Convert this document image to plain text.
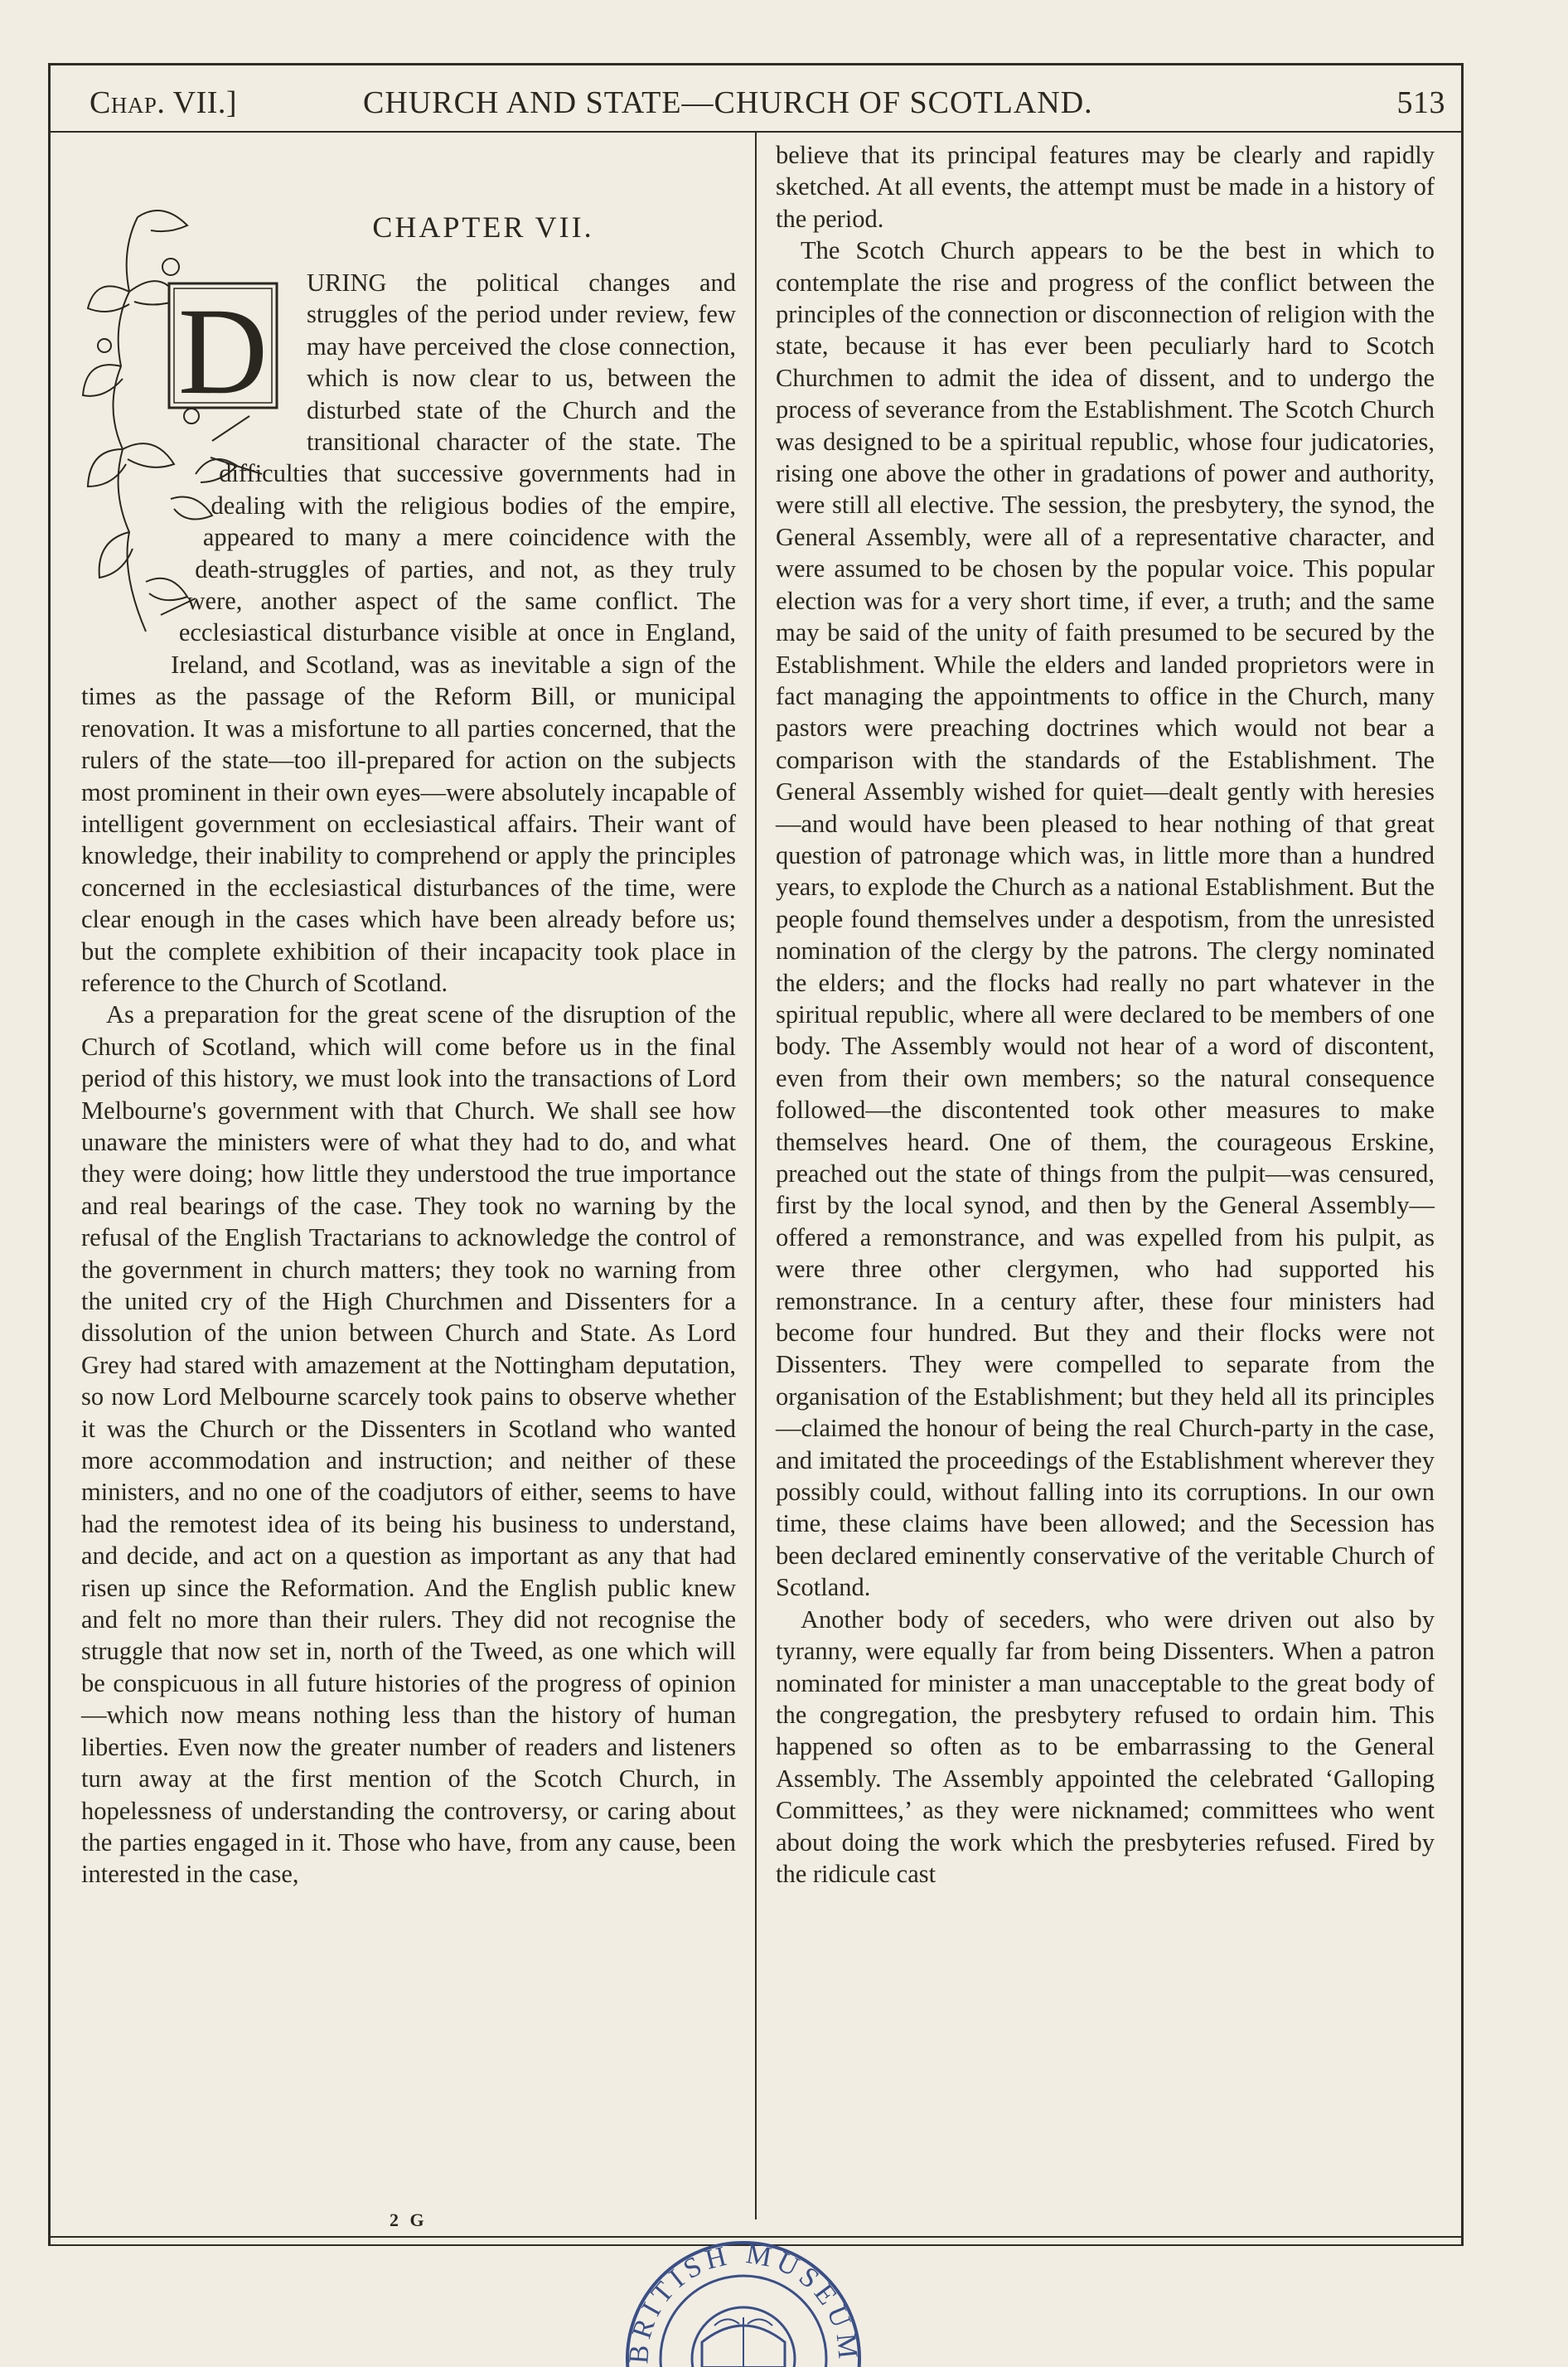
Chap. VII.]	CHURCH AND STATE—CHURCH OF SCOTLAND.	513
CHAPTER VII.
D	URING the political changes and struggles of the period under review, few may have perceived the close connection, which is now clear to us, between the disturbed state of the Church and the transitional character of the state. The difficulties that successive governments had in dealing with the religious bodies of the empire, appeared to many a mere coincidence with the death-struggles of parties, and not, as they truly were, another aspect of the same conflict. The ecclesiastical disturbance visible at once in England, Ireland, and Scotland, was as inevitable a sign of the times as the passage of the Reform Bill, or municipal renovation. It was a misfortune to all parties concerned, that the rulers of the state—too ill-prepared for action on the subjects most prominent in their own eyes—were absolutely incapable of intelligent government on ecclesiastical affairs. Their want of knowledge, their inability to comprehend or apply the principles concerned in the ecclesiastical disturbances of the time, were clear enough in the cases which have been already before us; but the complete exhibition of their incapacity took place in reference to the Church of Scotland.

As a preparation for the great scene of the disruption of the Church of Scotland, which will come before us in the final period of this history, we must look into the transactions of Lord Melbourne's government with that Church. We shall see how unaware the ministers were of what they had to do, and what they were doing; how little they understood the true importance and real bearings of the case. They took no warning by the refusal of the English Tractarians to acknowledge the control of the government in church matters; they took no warning from the united cry of the High Churchmen and Dissenters for a dissolution of the union between Church and State. As Lord Grey had stared with amazement at the Nottingham deputation, so now Lord Melbourne scarcely took pains to observe whether it was the Church or the Dissenters in Scotland who wanted more accommodation and instruction; and neither of these ministers, and no one of the coadjutors of either, seems to have had the remotest idea of its being his business to understand, and decide, and act on a question as important as any that had risen up since the Reformation. And the English public knew and felt no more than their rulers. They did not recognise the struggle that now set in, north of the Tweed, as one which will be conspicuous in all future histories of the progress of opinion—which now means nothing less than the history of human liberties. Even now the greater number of readers and listeners turn away at the first mention of the Scotch Church, in hopelessness of understanding the controversy, or caring about the parties engaged in it. Those who have, from any cause, been interested in the case,

believe that its principal features may be clearly and rapidly sketched. At all events, the attempt must be made in a history of the period.

The Scotch Church appears to be the best in which to contemplate the rise and progress of the conflict between the principles of the connection or disconnection of religion with the state, because it has ever been peculiarly hard to Scotch Churchmen to admit the idea of dissent, and to undergo the process of severance from the Establishment. The Scotch Church was designed to be a spiritual republic, whose four judicatories, rising one above the other in gradations of power and authority, were still all elective. The session, the presbytery, the synod, the General Assembly, were all of a representative character, and were assumed to be chosen by the popular voice. This popular election was for a very short time, if ever, a truth; and the same may be said of the unity of faith presumed to be secured by the Establishment. While the elders and landed proprietors were in fact managing the appointments to office in the Church, many pastors were preaching doctrines which would not bear a comparison with the standards of the Establishment. The General Assembly wished for quiet—dealt gently with heresies—and would have been pleased to hear nothing of that great question of patronage which was, in little more than a hundred years, to explode the Church as a national Establishment. But the people found themselves under a despotism, from the unresisted nomination of the clergy by the patrons. The clergy nominated the elders; and the flocks had really no part whatever in the spiritual republic, where all were declared to be members of one body. The Assembly would not hear of a word of discontent, even from their own members; so the natural consequence followed—the discontented took other measures to make themselves heard. One of them, the courageous Erskine, preached out the state of things from the pulpit—was censured, first by the local synod, and then by the General Assembly—offered a remonstrance, and was expelled from his pulpit, as were three other clergymen, who had supported his remonstrance. In a century after, these four ministers had become four hundred. But they and their flocks were not Dissenters. They were compelled to separate from the organisation of the Establishment; but they held all its principles—claimed the honour of being the real Church-party in the case, and imitated the proceedings of the Establishment wherever they possibly could, without falling into its corruptions. In our own time, these claims have been allowed; and the Secession has been declared eminently conservative of the veritable Church of Scotland.

Another body of seceders, who were driven out also by tyranny, were equally far from being Dissenters. When a patron nominated for minister a man unacceptable to the great body of the congregation, the presbytery refused to ordain him. This happened so often as to be embarrassing to the General Assembly. The Assembly appointed the celebrated ‘Galloping Committees,’ as they were nicknamed; committees who went about doing the work which the presbyteries refused. Fired by the ridicule cast

2 G
BRITISH MUSEUM
